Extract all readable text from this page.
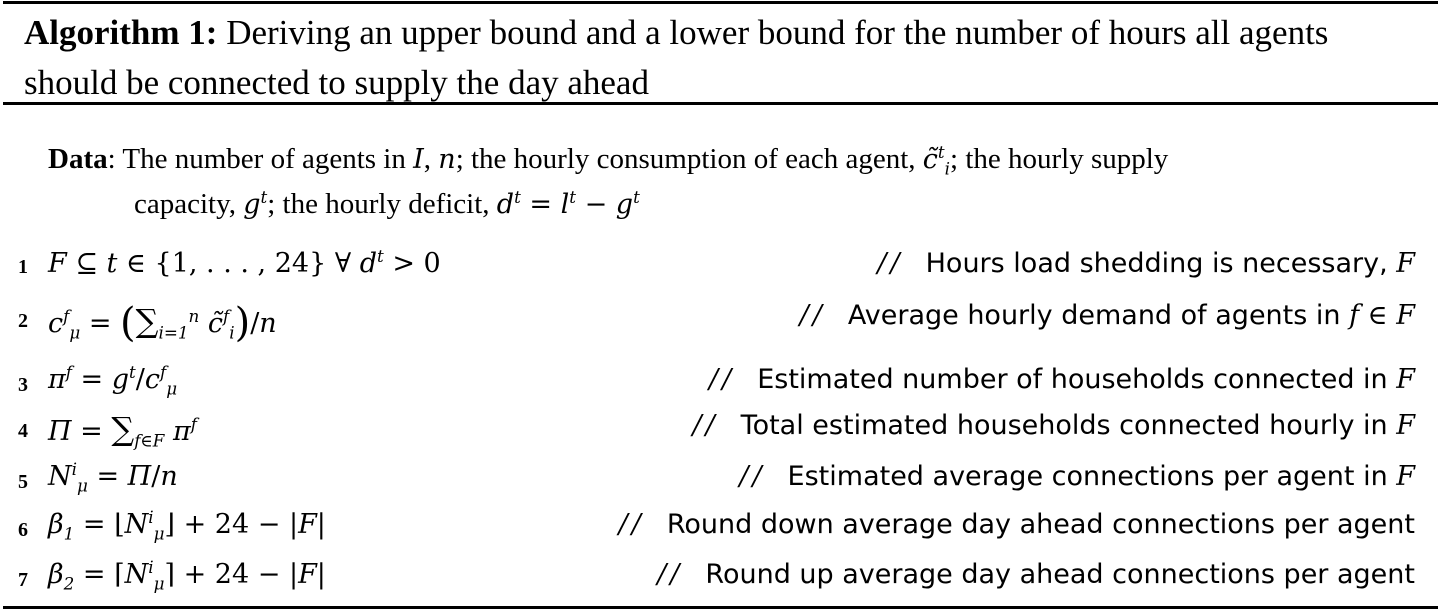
Algorithm 1: Deriving an upper bound and a lower bound for the number of hours all agents should be connected to supply the day ahead
Data: The number of agents in I, n; the hourly consumption of each agent, c̃$^t_i$; the hourly supply
capacity, $g^t$; the hourly deficit, $d^t = l^t - g^t$
1 F ⊆ t ∈ {1, . . . , 24} ∀ $d^t > 0$	// Hours load shedding is necessary, F
2 $c^f_\mu = (\sum_{i=1}^n$ c̃$^f_i$)/n	// Average hourly demand of agents in f ∈ F
3 $\pi^f = g^t/c^f_\mu$	// Estimated number of households connected in F
4 $\Pi = \sum_{f\in F}$ $\pi^f$	// Total estimated households connected hourly in F
5 $N^i_\mu = \Pi/n$	// Estimated average connections per agent in F
6 $\beta_1$ = $⌊N^i_\mu⌋ + 24 - |F|$	// Round down average day ahead connections per agent
7 $\beta_2$ = $⌈N^i_\mu⌉ + 24 - |F|$	// Round up average day ahead connections per agent
